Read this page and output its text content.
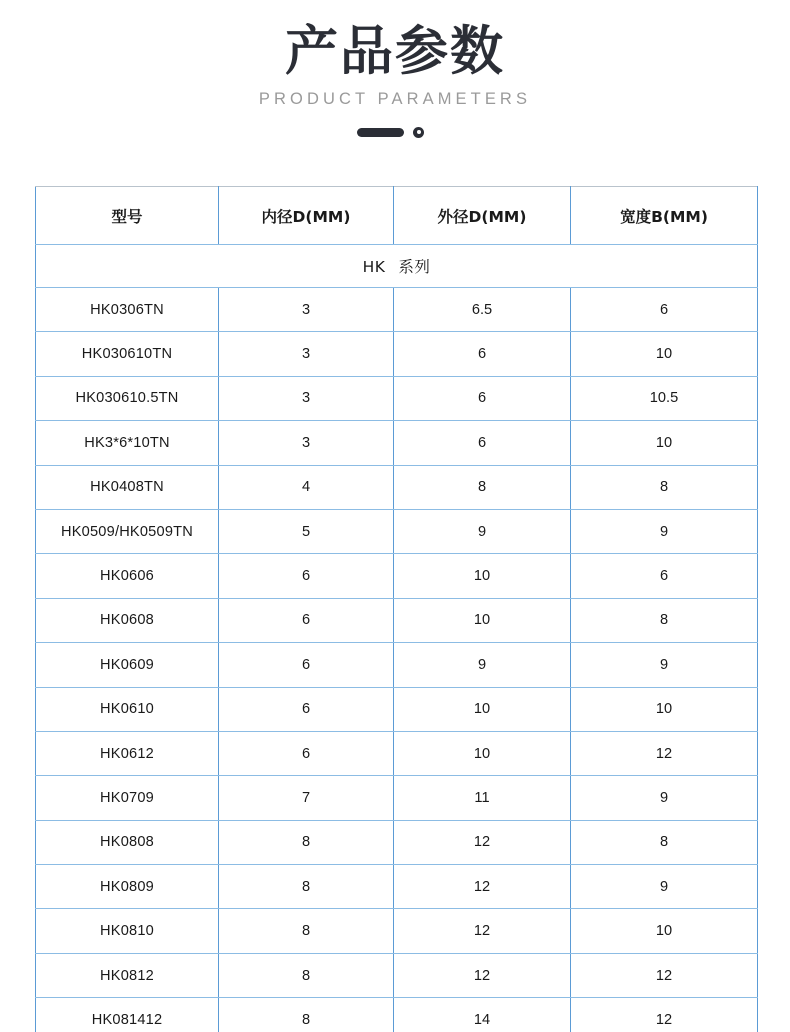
产品参数
PRODUCT PARAMETERS
型号	内径D(MM)	外径D(MM)	宽度B(MM)
HK 系列			
HK0306TN	3	6.5	6
HK030610TN	3	6	10
HK030610.5TN	3	6	10.5
HK3*6*10TN	3	6	10
HK0408TN	4	8	8
HK0509/HK0509TN	5	9	9
HK0606	6	10	6
HK0608	6	10	8
HK0609	6	9	9
HK0610	6	10	10
HK0612	6	10	12
HK0709	7	11	9
HK0808	8	12	8
HK0809	8	12	9
HK0810	8	12	10
HK0812	8	12	12
HK081412	8	14	12
